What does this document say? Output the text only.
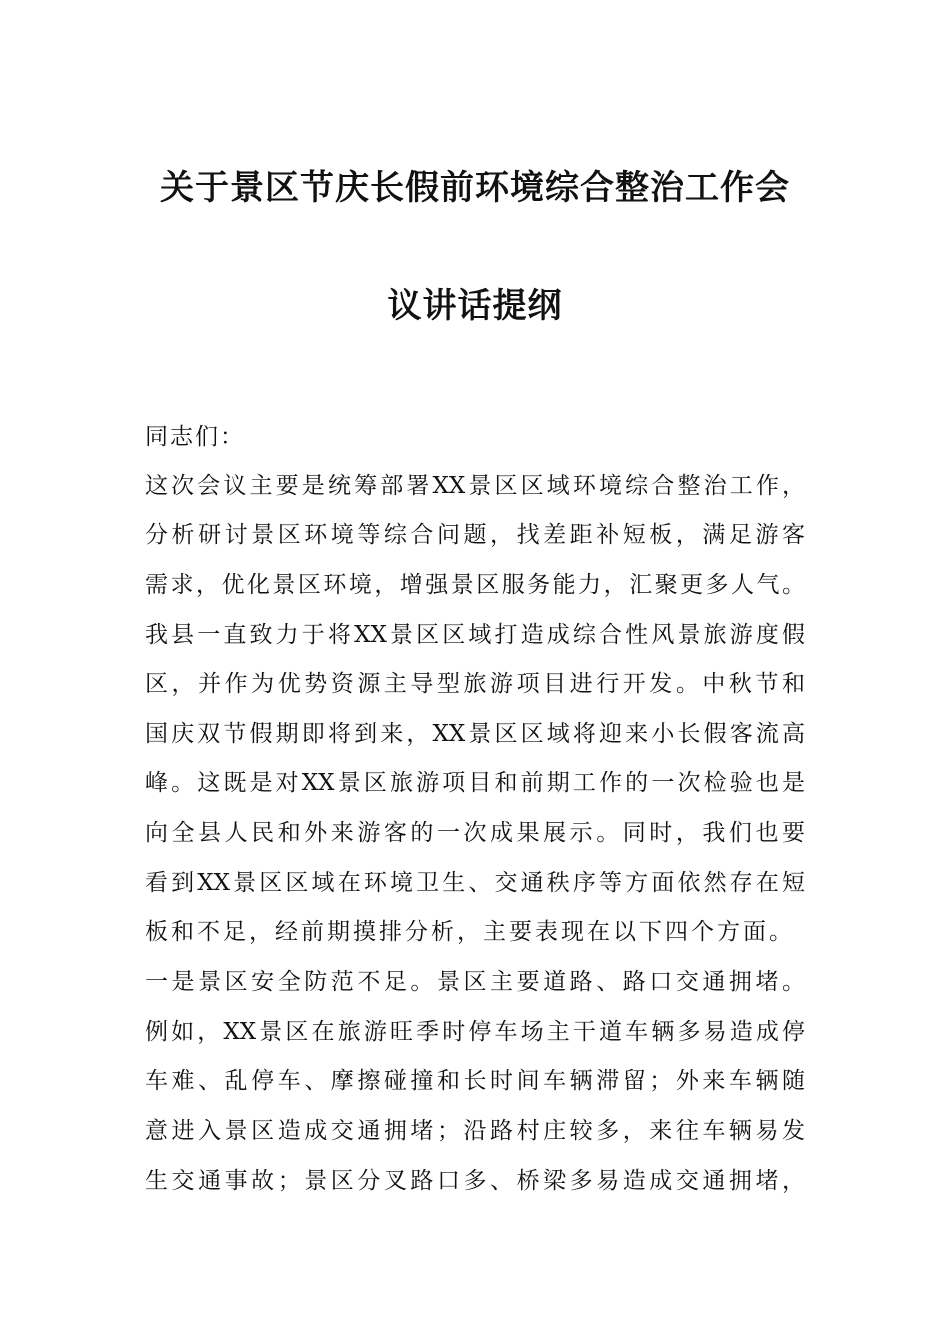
关于景区节庆长假前环境综合整治工作会
议讲话提纲
同志们：
这次会议主要是统筹部署XX景区区域环境综合整治工作，
分析研讨景区环境等综合问题，找差距补短板，满足游客
需求，优化景区环境，增强景区服务能力，汇聚更多人气。
我县一直致力于将XX景区区域打造成综合性风景旅游度假
区，并作为优势资源主导型旅游项目进行开发。中秋节和
国庆双节假期即将到来，XX景区区域将迎来小长假客流高
峰。这既是对XX景区旅游项目和前期工作的一次检验也是
向全县人民和外来游客的一次成果展示。同时，我们也要
看到XX景区区域在环境卫生、交通秩序等方面依然存在短
板和不足，经前期摸排分析，主要表现在以下四个方面。
一是景区安全防范不足。景区主要道路、路口交通拥堵。
例如，XX景区在旅游旺季时停车场主干道车辆多易造成停
车难、乱停车、摩擦碰撞和长时间车辆滞留；外来车辆随
意进入景区造成交通拥堵；沿路村庄较多，来往车辆易发
生交通事故；景区分叉路口多、桥梁多易造成交通拥堵，
